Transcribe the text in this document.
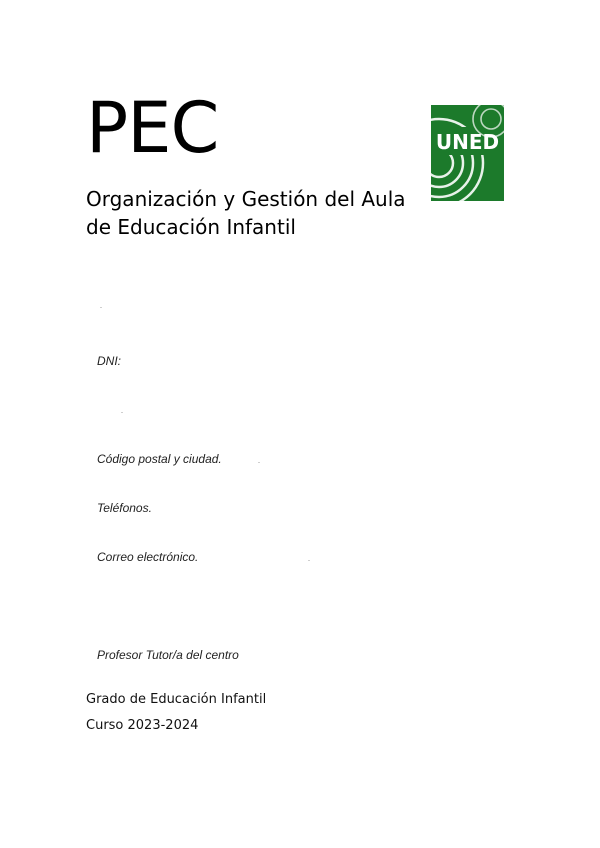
PEC
Organización y Gestión del Aula de Educación Infantil
UNED
DNI:
Código postal y ciudad.
Teléfonos.
Correo electrónico.
Profesor Tutor/a del centro
Grado de Educación Infantil
Curso 2023-2024
